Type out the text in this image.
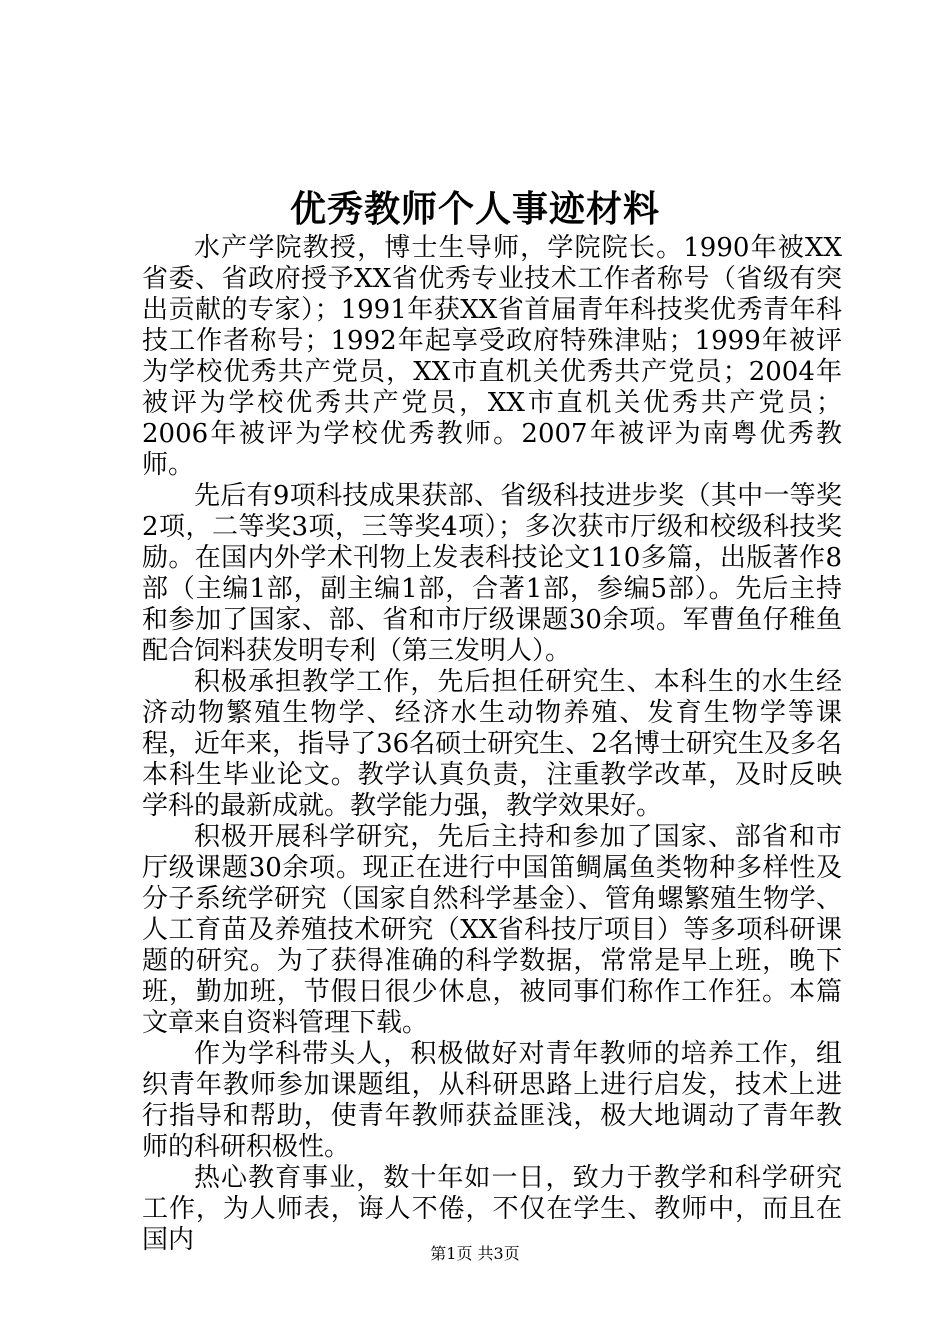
优秀教师个人事迹材料

水产学院教授，博士生导师，学院院长。1990年被XX省委、省政府授予XX省优秀专业技术工作者称号（省级有突出贡献的专家）；1991年获XX省首届青年科技奖优秀青年科技工作者称号；1992年起享受政府特殊津贴；1999年被评为学校优秀共产党员，XX市直机关优秀共产党员；2004年被评为学校优秀共产党员，XX市直机关优秀共产党员；2006年被评为学校优秀教师。2007年被评为南粤优秀教师。

先后有9项科技成果获部、省级科技进步奖（其中一等奖2项，二等奖3项，三等奖4项）；多次获市厅级和校级科技奖励。在国内外学术刊物上发表科技论文110多篇，出版著作8部（主编1部，副主编1部，合著1部，参编5部）。先后主持和参加了国家、部、省和市厅级课题30余项。军曹鱼仔稚鱼配合饲料获发明专利（第三发明人）。

积极承担教学工作，先后担任研究生、本科生的水生经济动物繁殖生物学、经济水生动物养殖、发育生物学等课程，近年来，指导了36名硕士研究生、2名博士研究生及多名本科生毕业论文。教学认真负责，注重教学改革，及时反映学科的最新成就。教学能力强，教学效果好。

积极开展科学研究，先后主持和参加了国家、部省和市厅级课题30余项。现正在进行中国笛鲷属鱼类物种多样性及分子系统学研究（国家自然科学基金）、管角螺繁殖生物学、人工育苗及养殖技术研究（XX省科技厅项目）等多项科研课题的研究。为了获得准确的科学数据，常常是早上班，晚下班，勤加班，节假日很少休息，被同事们称作工作狂。本篇文章来自资料管理下载。

作为学科带头人，积极做好对青年教师的培养工作，组织青年教师参加课题组，从科研思路上进行启发，技术上进行指导和帮助，使青年教师获益匪浅，极大地调动了青年教师的科研积极性。

热心教育事业，数十年如一日，致力于教学和科学研究工作，为人师表，诲人不倦，不仅在学生、教师中，而且在国内	第1页 共3页
